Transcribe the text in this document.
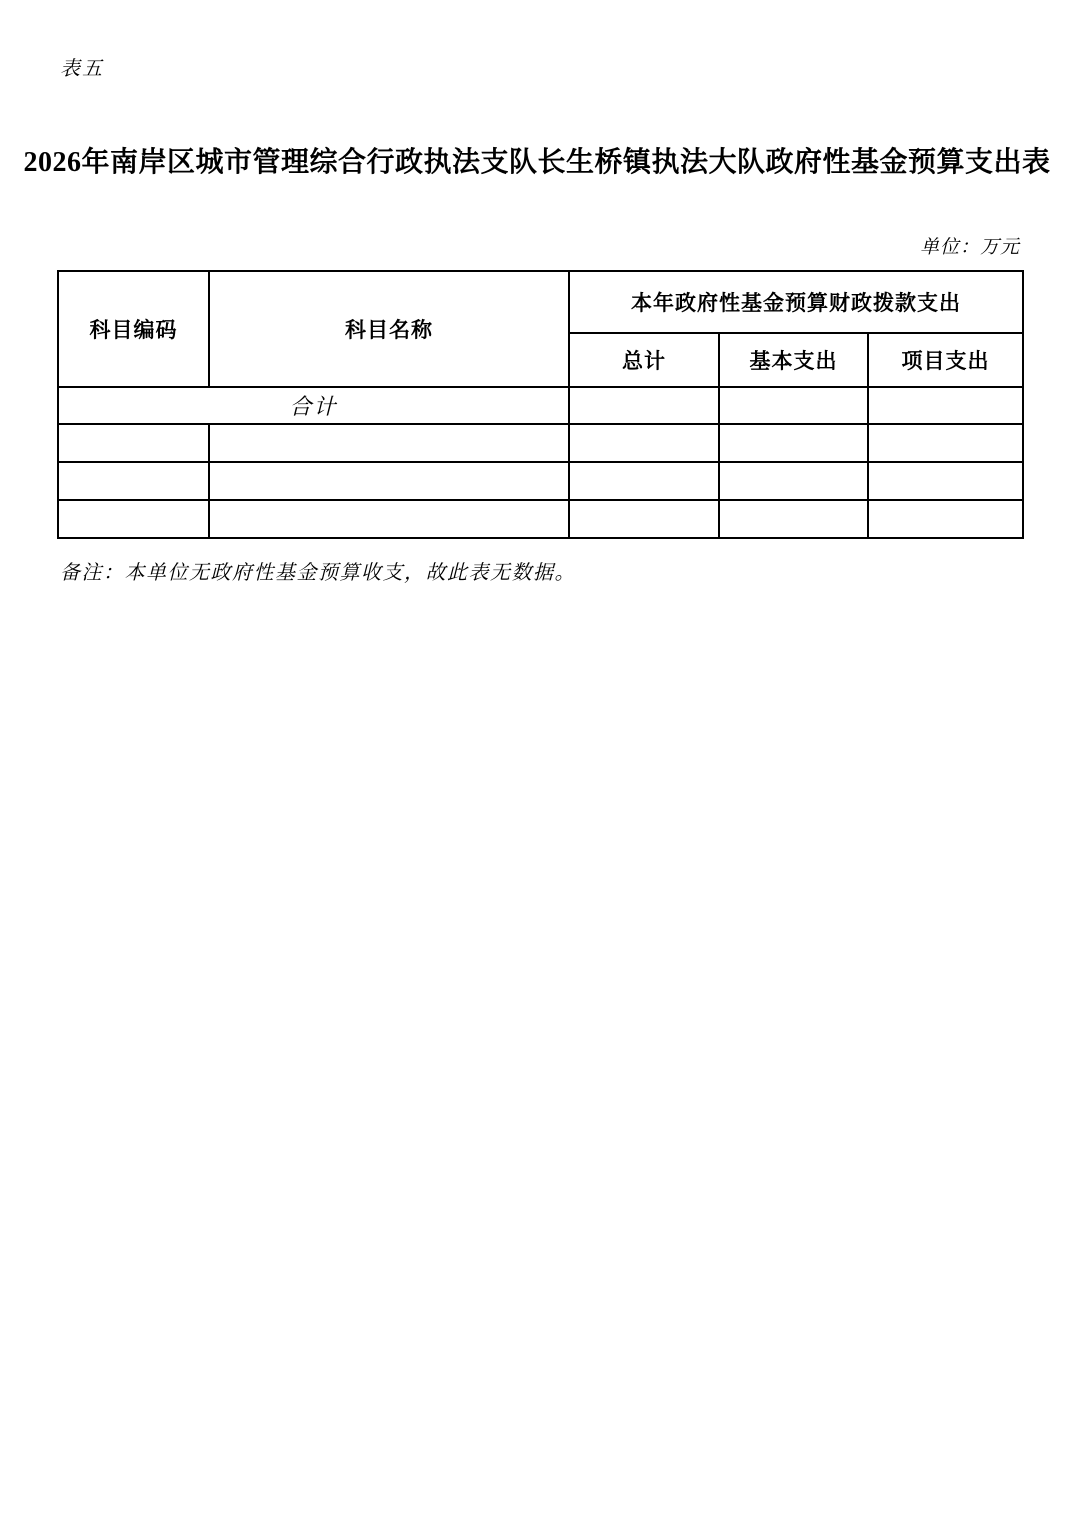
表五
2026年南岸区城市管理综合行政执法支队长生桥镇执法大队政府性基金预算支出表
单位：万元
科目编码	科目名称	本年政府性基金预算财政拨款支出		
		总计	基本支出	项目支出
合计				

备注：本单位无政府性基金预算收支，故此表无数据。
